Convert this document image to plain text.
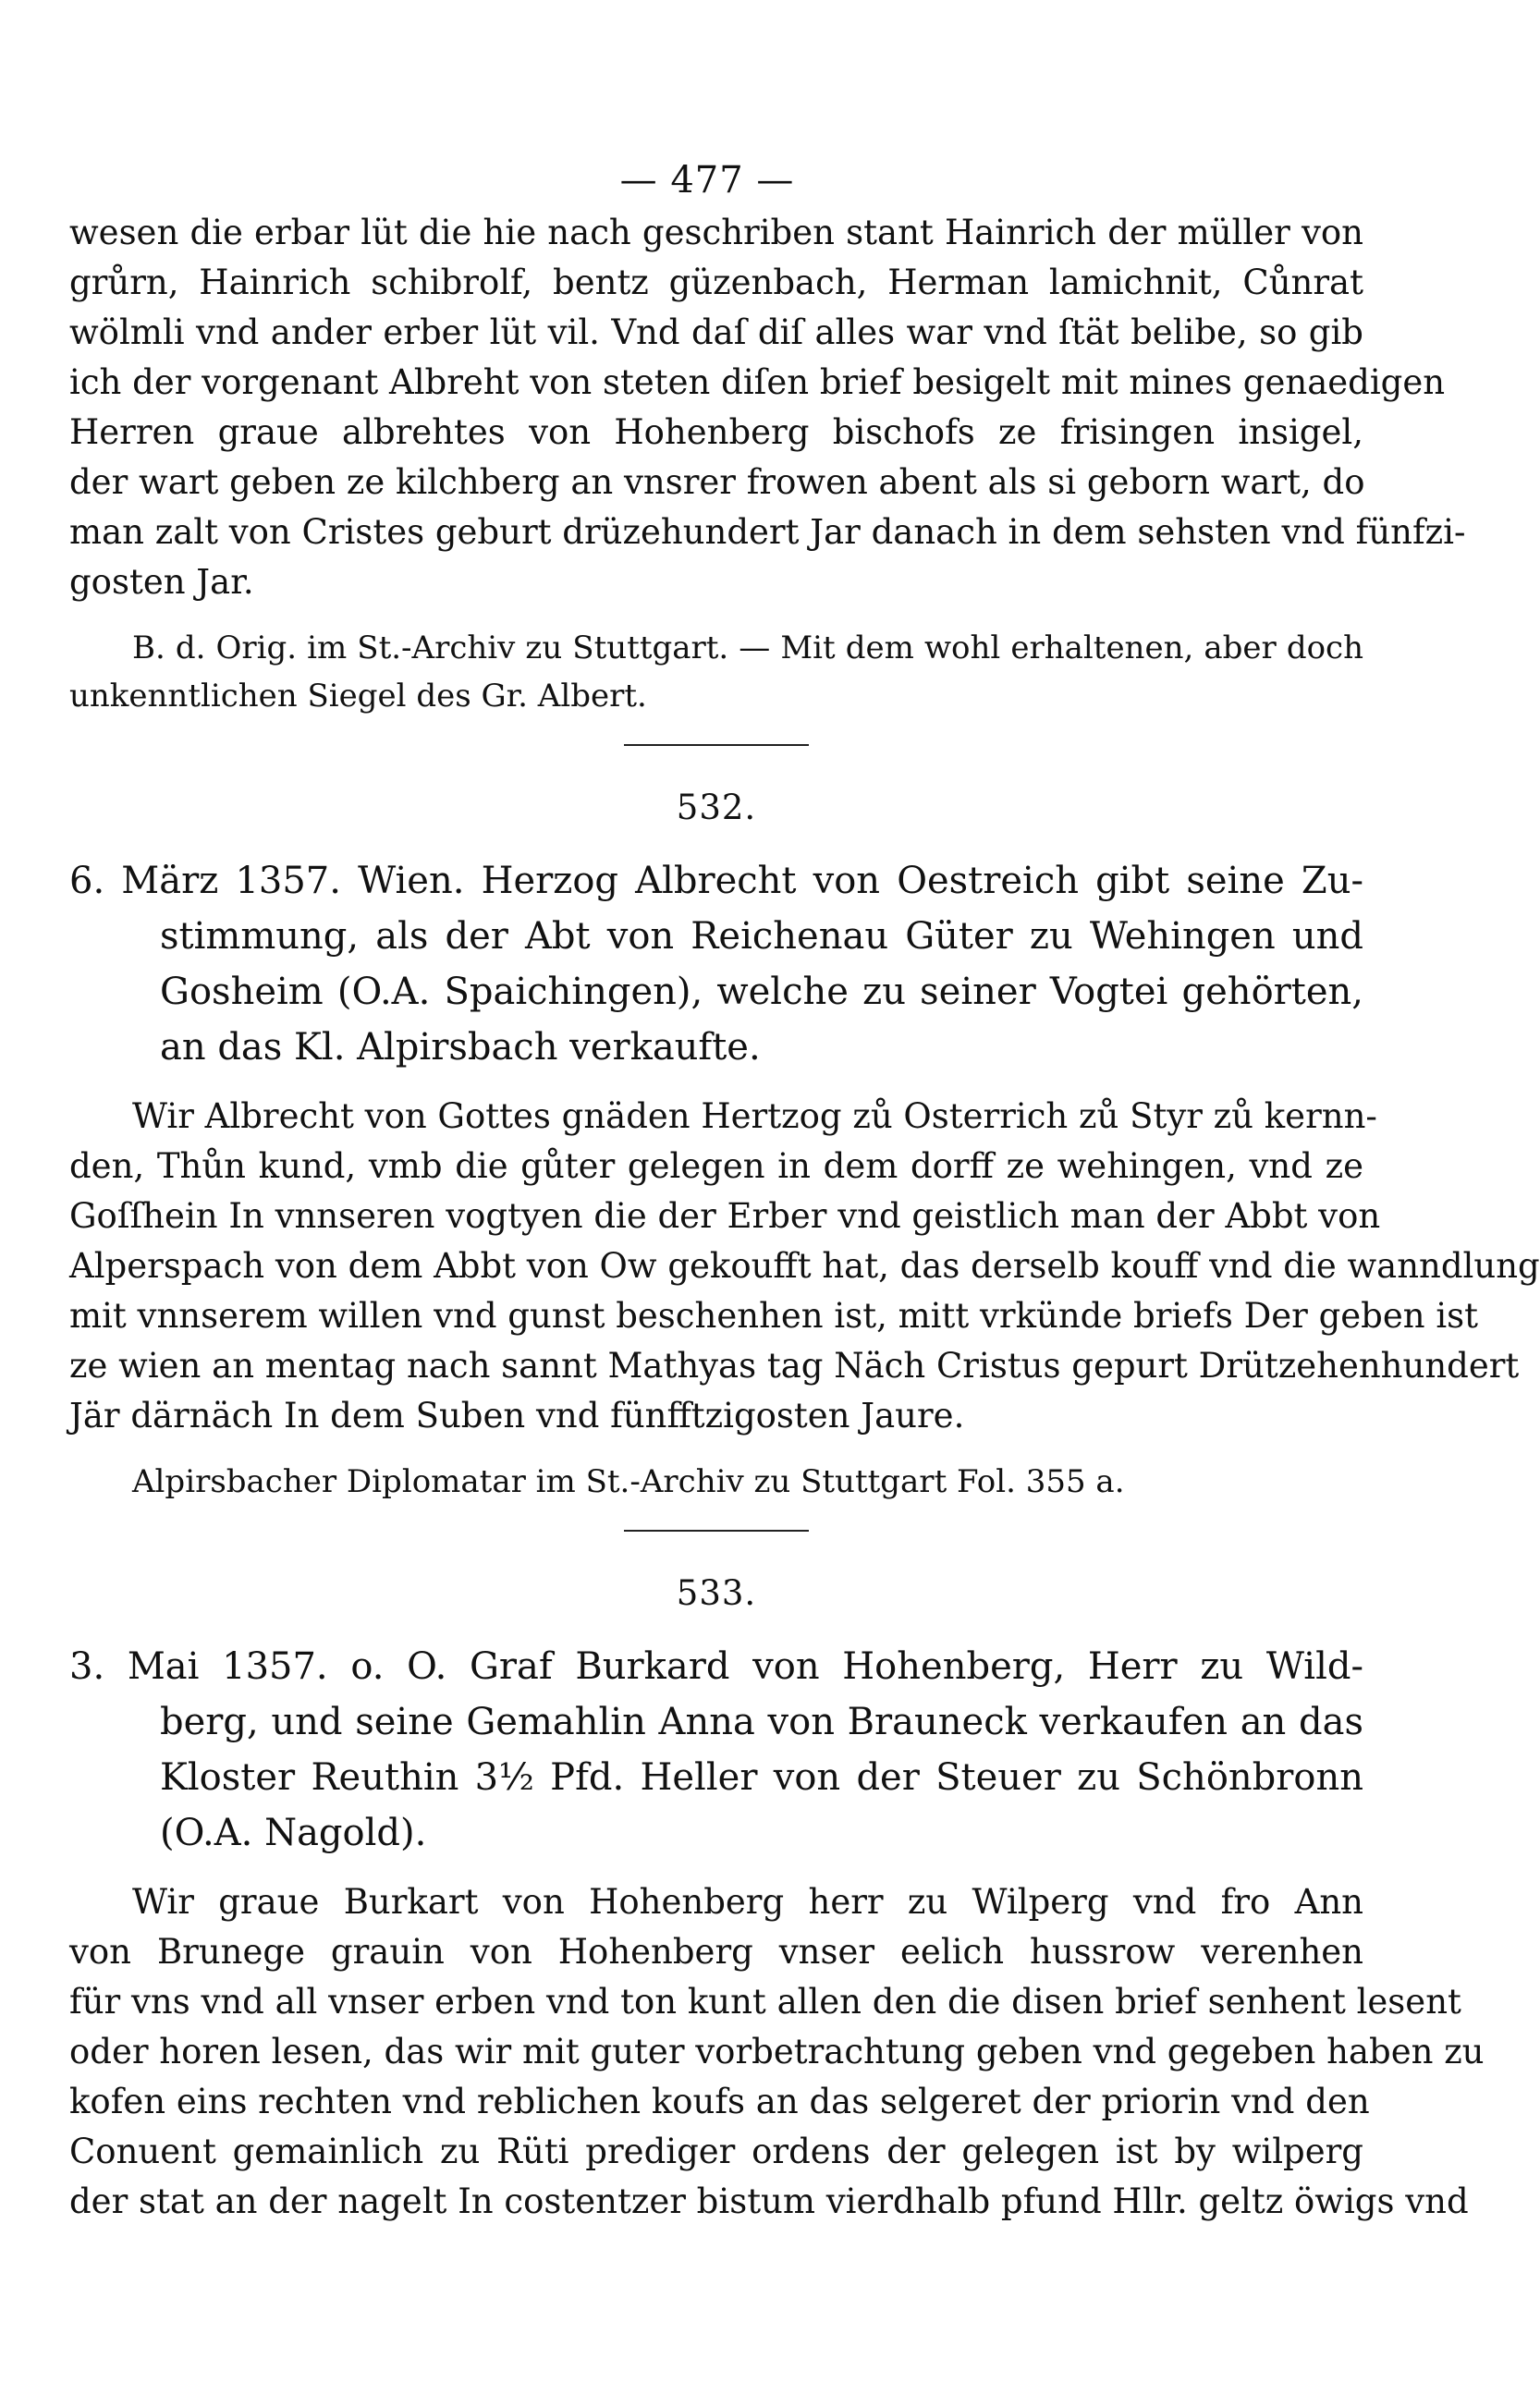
— 477 —
wesen die erbar lüt die hie nach geschriben stant Hainrich der müller von
grůrn, Hainrich schibrolf, bentz güzenbach, Herman lamichnit, Cůnrat
wölmli vnd ander erber lüt vil. Vnd daſ diſ alles war vnd ſtät belibe, so gib
ich der vorgenant Albreht von steten diſen brief besigelt mit mines genaedigen
Herren graue albrehtes von Hohenberg bischofs ze frisingen insigel,
der wart geben ze kilchberg an vnsrer frowen abent als si geborn wart, do
man zalt von Cristes geburt drüzehundert Jar danach in dem sehsten vnd fünfzi-
gosten Jar.
B. d. Orig. im St.-Archiv zu Stuttgart. — Mit dem wohl erhaltenen, aber doch
unkenntlichen Siegel des Gr. Albert.
532.
6. März 1357. Wien. Herzog Albrecht von Oestreich gibt seine Zu-
stimmung, als der Abt von Reichenau Güter zu Wehingen und
Gosheim (O.A. Spaichingen), welche zu seiner Vogtei gehörten,
an das Kl. Alpirsbach verkaufte.
Wir Albrecht von Gottes gnäden Hertzog zů Osterrich zů Styr zů kernn-
den, Thůn kund, vmb die gůter gelegen in dem dorff ze wehingen, vnd ze
Goſſhein In vnnseren vogtyen die der Erber vnd geistlich man der Abbt von
Alperspach von dem Abbt von Ow gekoufft hat, das derselb kouff vnd die wanndlung
mit vnnserem willen vnd gunst beschenhen ist, mitt vrkünde briefs Der geben ist
ze wien an mentag nach sannt Mathyas tag Näch Cristus gepurt Drützehenhundert
Jär därnäch In dem Suben vnd fünfftzigosten Jaure.
Alpirsbacher Diplomatar im St.-Archiv zu Stuttgart Fol. 355 a.
533.
3. Mai 1357. o. O. Graf Burkard von Hohenberg, Herr zu Wild-
berg, und seine Gemahlin Anna von Brauneck verkaufen an das
Kloster Reuthin 3½ Pfd. Heller von der Steuer zu Schönbronn
(O.A. Nagold).
Wir graue Burkart von Hohenberg herr zu Wilperg vnd fro Ann
von Brunege grauin von Hohenberg vnser eelich hussrow verenhen
für vns vnd all vnser erben vnd ton kunt allen den die disen brief senhent lesent
oder horen lesen, das wir mit guter vorbetrachtung geben vnd gegeben haben zu
kofen eins rechten vnd reblichen koufs an das selgeret der priorin vnd den
Conuent gemainlich zu Rüti prediger ordens der gelegen ist by wilperg
der stat an der nagelt In costentzer bistum vierdhalb pfund Hllr. geltz öwigs vnd
